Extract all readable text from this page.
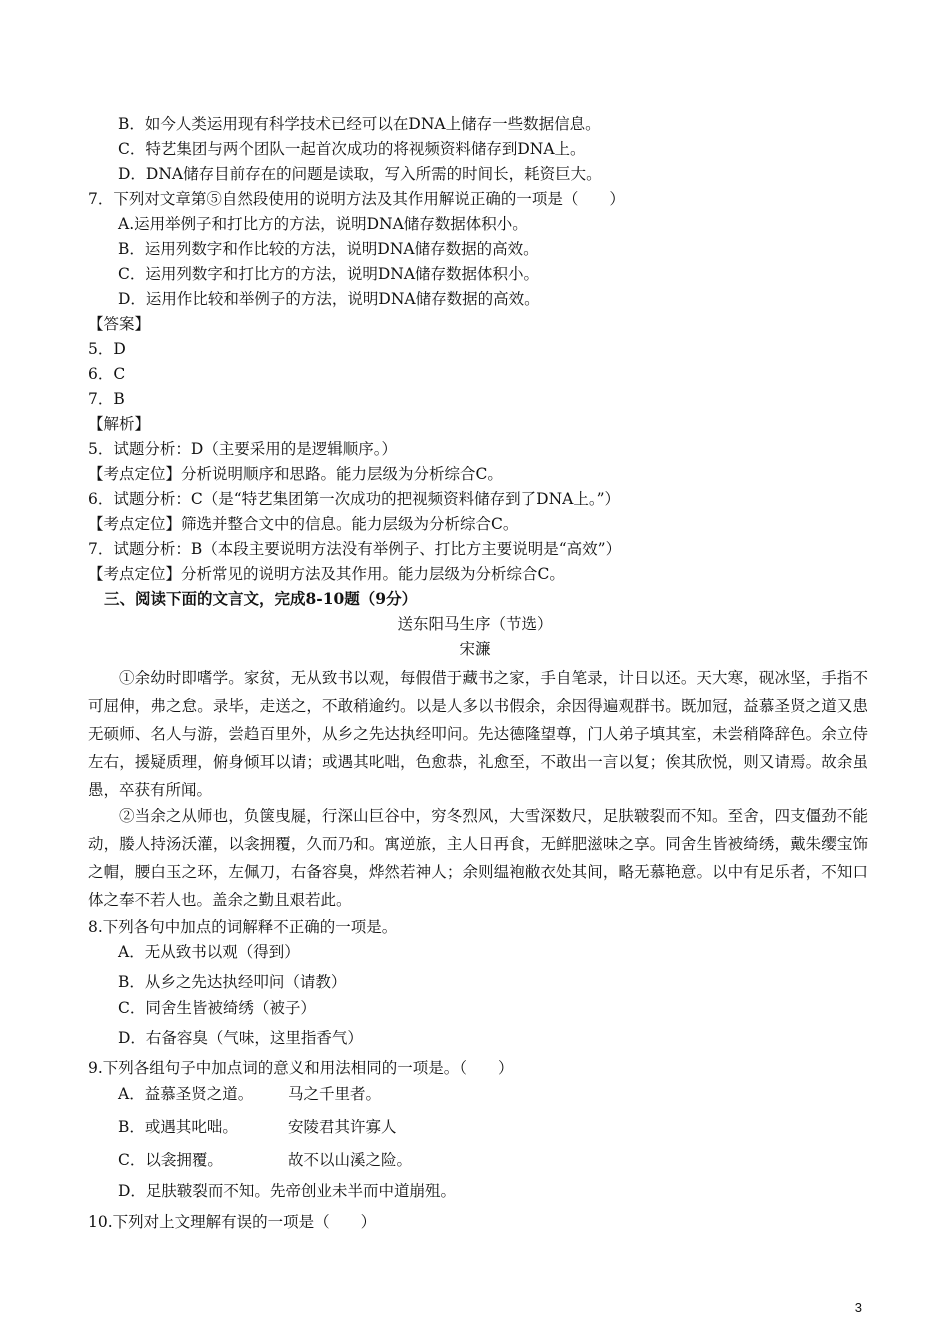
B．如今人类运用现有科学技术已经可以在DNA上储存一些数据信息。
C．特艺集团与两个团队一起首次成功的将视频资料储存到DNA上。
D．DNA储存目前存在的问题是读取，写入所需的时间长，耗资巨大。
7．下列对文章第⑤自然段使用的说明方法及其作用解说正确的一项是（　　）
A.运用举例子和打比方的方法，说明DNA储存数据体积小。
B．运用列数字和作比较的方法，说明DNA储存数据的高效。
C．运用列数字和打比方的方法，说明DNA储存数据体积小。
D．运用作比较和举例子的方法，说明DNA储存数据的高效。
【答案】
5．D
6．C
7．B
【解析】
5．试题分析：D（主要采用的是逻辑顺序。）
【考点定位】分析说明顺序和思路。能力层级为分析综合C。
6．试题分析：C（是“特艺集团第一次成功的把视频资料储存到了DNA上。”）
【考点定位】筛选并整合文中的信息。能力层级为分析综合C。
7．试题分析：B（本段主要说明方法没有举例子、打比方主要说明是“高效”）
【考点定位】分析常见的说明方法及其作用。能力层级为分析综合C。
三、阅读下面的文言文，完成8-10题（9分）
送东阳马生序（节选）
宋濂
①余幼时即嗜学。家贫，无从致书以观，每假借于藏书之家，手自笔录，计日以还。天大寒，砚冰坚，手指不可屈伸，弗之怠。录毕，走送之，不敢稍逾约。以是人多以书假余，余因得遍观群书。既加冠，益慕圣贤之道又患无硕师、名人与游，尝趋百里外，从乡之先达执经叩问。先达德隆望尊，门人弟子填其室，未尝稍降辞色。余立侍左右，援疑质理，俯身倾耳以请；或遇其叱咄，色愈恭，礼愈至，不敢出一言以复；俟其欣悦，则又请焉。故余虽愚，卒获有所闻。
②当余之从师也，负箧曳屣，行深山巨谷中，穷冬烈风，大雪深数尺，足肤皲裂而不知。至舍，四支僵劲不能动，媵人持汤沃灌，以衾拥覆，久而乃和。寓逆旅，主人日再食，无鲜肥滋味之享。同舍生皆被绮绣，戴朱缨宝饰之帽，腰白玉之环，左佩刀，右备容臭，烨然若神人；余则缊袍敝衣处其间，略无慕艳意。以中有足乐者，不知口体之奉不若人也。盖余之勤且艰若此。
8.下列各句中加点的词解释不正确的一项是。
A．无从致书以观（得到）
B．从乡之先达执经叩问（请教）
C．同舍生皆被绮绣（被子）
D．右备容臭（气味，这里指香气）
9.下列各组句子中加点词的意义和用法相同的一项是。（　　）
A．益慕圣贤之道。 马之千里者。
B．或遇其叱咄。	安陵君其许寡人
C．以衾拥覆。	故不以山溪之险。
D．足肤皲裂而不知。先帝创业未半而中道崩殂。
10.下列对上文理解有误的一项是（　　）
3
